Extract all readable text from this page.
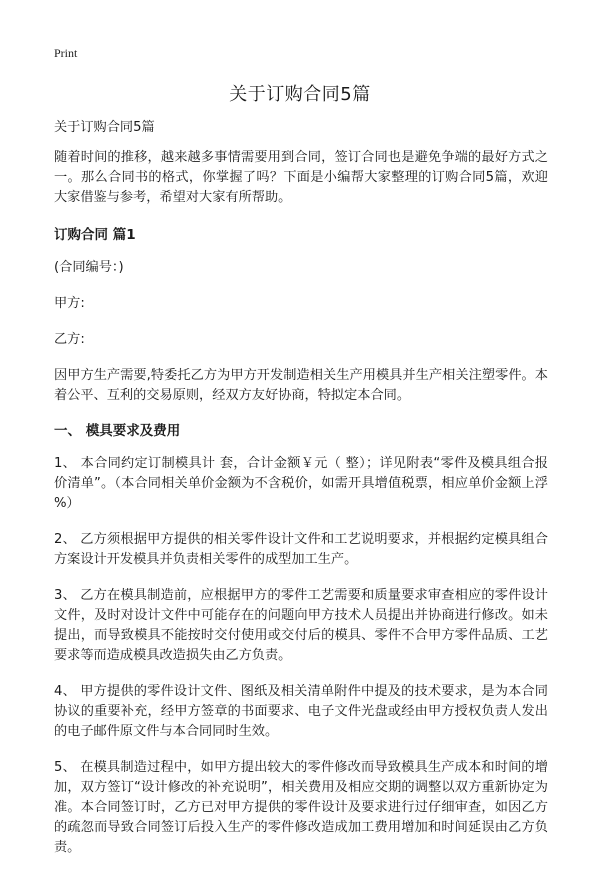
Print
关于订购合同5篇

关于订购合同5篇

随着时间的推移，越来越多事情需要用到合同，签订合同也是避免争端的最好方式之一。那么合同书的格式，你掌握了吗？下面是小编帮大家整理的订购合同5篇，欢迎大家借鉴与参考，希望对大家有所帮助。

订购合同 篇1

(合同编号：)

甲方:

乙方:

因甲方生产需要,特委托乙方为甲方开发制造相关生产用模具并生产相关注塑零件。本着公平、互利的交易原则，经双方友好协商，特拟定本合同。

一、 模具要求及费用

1、 本合同约定订制模具计 套，合计金额￥元（ 整）；详见附表“零件及模具组合报价清单”。（本合同相关单价金额为不含税价，如需开具增值税票，相应单价金额上浮 %）

2、 乙方须根据甲方提供的相关零件设计文件和工艺说明要求，并根据约定模具组合方案设计开发模具并负责相关零件的成型加工生产。

3、 乙方在模具制造前，应根据甲方的零件工艺需要和质量要求审查相应的零件设计文件，及时对设计文件中可能存在的问题向甲方技术人员提出并协商进行修改。如未提出，而导致模具不能按时交付使用或交付后的模具、零件不合甲方零件品质、工艺要求等而造成模具改造损失由乙方负责。

4、 甲方提供的零件设计文件、图纸及相关清单附件中提及的技术要求，是为本合同协议的重要补充，经甲方签章的书面要求、电子文件光盘或经由甲方授权负责人发出的电子邮件原文件与本合同同时生效。

5、 在模具制造过程中，如甲方提出较大的零件修改而导致模具生产成本和时间的增加，双方签订“设计修改的补充说明”，相关费用及相应交期的调整以双方重新协定为准。本合同签订时，乙方已对甲方提供的零件设计及要求进行过仔细审查，如因乙方的疏忽而导致合同签订后投入生产的零件修改造成加工费用增加和时间延误由乙方负责。
